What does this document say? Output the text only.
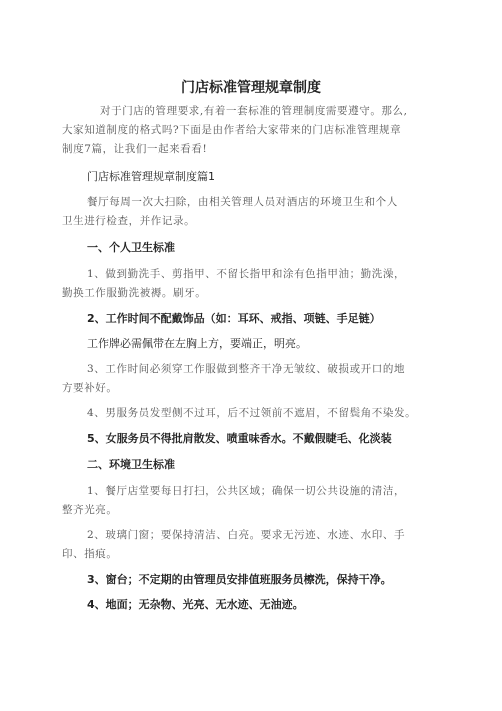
门店标准管理规章制度
对于门店的管理要求,有着一套标准的管理制度需要遵守。那么,
大家知道制度的格式吗?下面是由作者给大家带来的门店标准管理规章
制度7篇，让我们一起来看看!
门店标准管理规章制度篇1
餐厅每周一次大扫除，由相关管理人员对酒店的环境卫生和个人
卫生进行检查，并作记录。
一、个人卫生标准
1、做到勤洗手、剪指甲、不留长指甲和涂有色指甲油；勤洗澡，
勤换工作服勤洗被褥。刷牙。
2、工作时间不配戴饰品（如：耳环、戒指、项链、手足链）
工作牌必需佩带在左胸上方，要端正，明亮。
3、工作时间必须穿工作服做到整齐干净无皱纹、破损或开口的地
方要补好。
4、男服务员发型侧不过耳，后不过领前不遮眉，不留鬓角不染发。
5、女服务员不得批肩散发、喷重味香水。不戴假睫毛、化淡装
二、环境卫生标准
1、餐厅店堂要每日打扫，公共区域；确保一切公共设施的清洁，
整齐光亮。
2、玻璃门窗；要保持清洁、白亮。要求无污迹、水迹、水印、手
印、指痕。
3、窗台；不定期的由管理员安排值班服务员檫洗，保持干净。
4、地面；无杂物、光亮、无水迹、无油迹。
